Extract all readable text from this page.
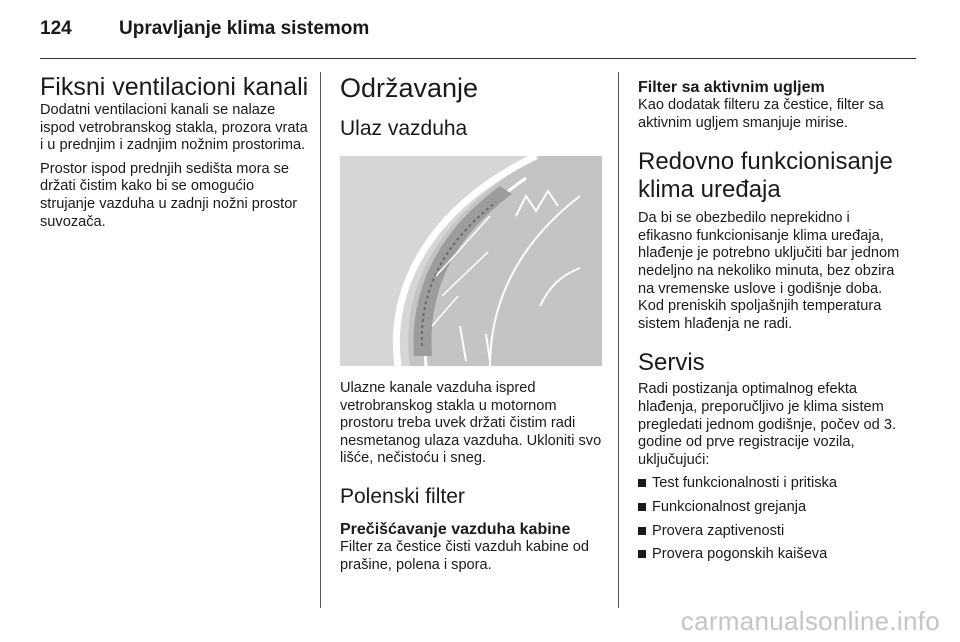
124 Upravljanje klima sistemom
Fiksni ventilacioni kanali

Dodatni ventilacioni kanali se nalaze ispod vetrobranskog stakla, prozora vrata i u prednjim i zadnjim nožnim prostorima.

Prostor ispod prednjih sedišta mora se držati čistim kako bi se omogućio strujanje vazduha u zadnji nožni prostor suvozača.

Održavanje
Ulaz vazduha

Ulazne kanale vazduha ispred vetrobranskog stakla u motornom prostoru treba uvek držati čistim radi nesmetanog ulaza vazduha. Ukloniti svo lišće, nečistoću i sneg.

Polenski filter
Prečišćavanje vazduha kabine

Filter za čestice čisti vazduh kabine od prašine, polena i spora.

Filter sa aktivnim ugljem

Kao dodatak filteru za čestice, filter sa aktivnim ugljem smanjuje mirise.

Redovno funkcionisanje klima uređaja

Da bi se obezbedilo neprekidno i efikasno funkcionisanje klima uređaja, hlađenje je potrebno uključiti bar jednom nedeljno na nekoliko minuta, bez obzira na vremenske uslove i godišnje doba. Kod preniskih spoljašnjih temperatura sistem hlađenja ne radi.

Servis

Radi postizanja optimalnog efekta hlađenja, preporučljivo je klima sistem pregledati jednom godišnje, počev od 3. godine od prve registracije vozila, uključujući:

Test funkcionalnosti i pritiska
Funkcionalnost grejanja
Provera zaptivenosti
Provera pogonskih kaiševa
carmanualsonline.info
